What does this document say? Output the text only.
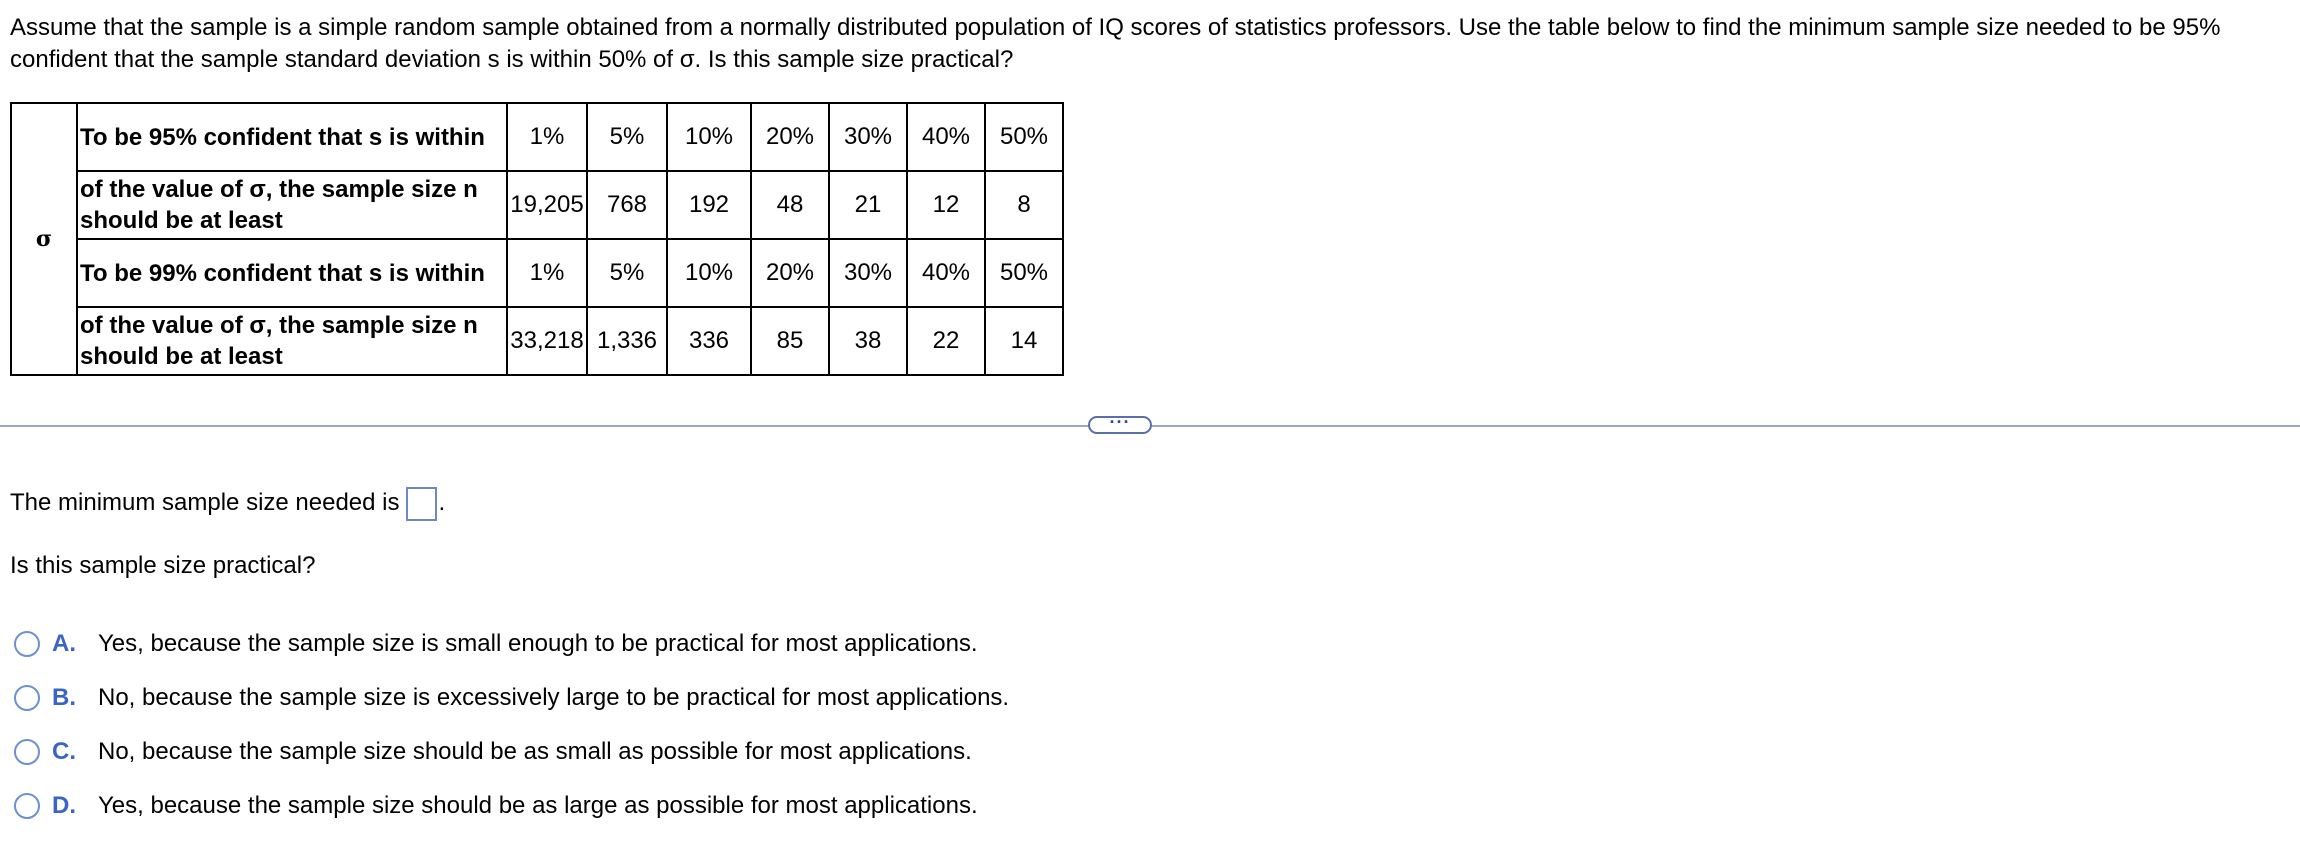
Assume that the sample is a simple random sample obtained from a normally distributed population of IQ scores of statistics professors. Use the table below to find the minimum sample size needed to be 95% confident that the sample standard deviation s is within 50% of σ. Is this sample size practical?
σ	To be 95% confident that s is within	1%	5%	10%	20%	30%	40%	50%
	of the value of σ, the sample size n should be at least	19,205	768	192	48	21	12	8
	To be 99% confident that s is within	1%	5%	10%	20%	30%	40%	50%
	of the value of σ, the sample size n should be at least	33,218	1,336	336	85	38	22	14
···
The minimum sample size needed is .
Is this sample size practical?
A. Yes, because the sample size is small enough to be practical for most applications.
B. No, because the sample size is excessively large to be practical for most applications.
C. No, because the sample size should be as small as possible for most applications.
D. Yes, because the sample size should be as large as possible for most applications.
